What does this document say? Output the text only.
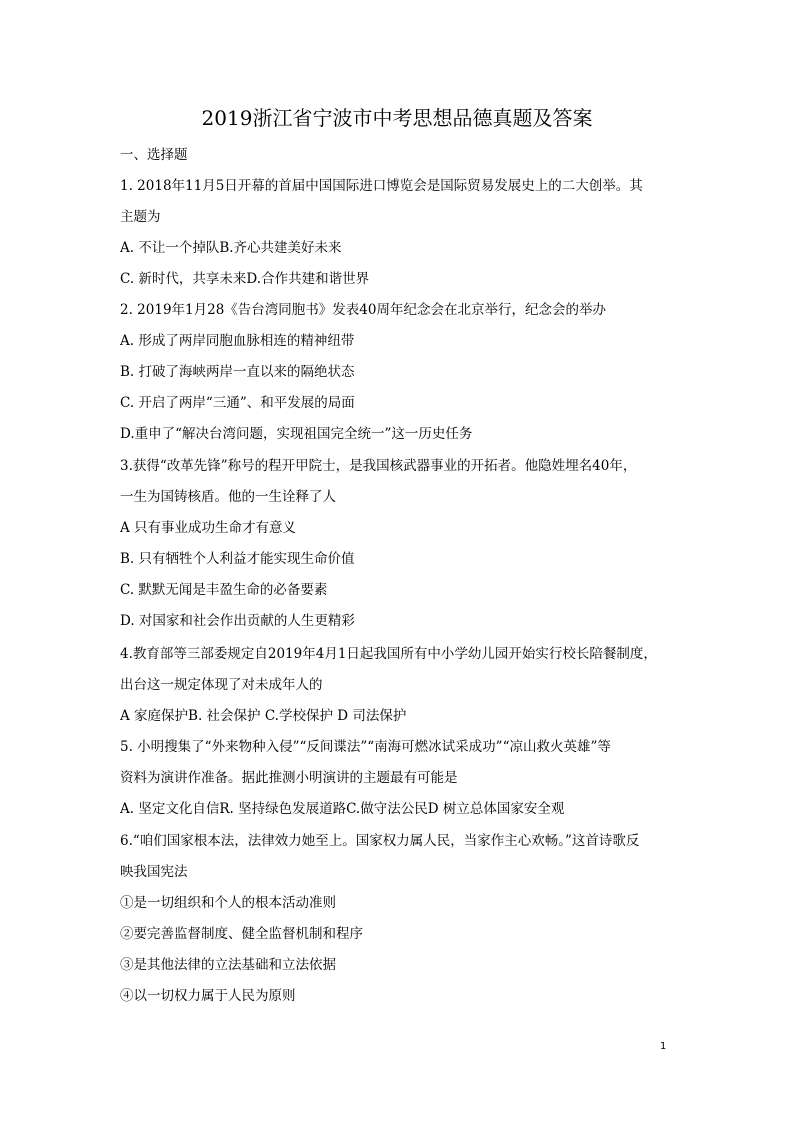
2019浙江省宁波市中考思想品德真题及答案
一、选择题
1. 2018年11月5日开幕的首届中国国际进口博览会是国际贸易发展史上的二大创举。其
主题为
A. 不让一个掉队B.齐心共建美好未来
C. 新时代，共享未来D.合作共建和谐世界
2. 2019年1月28《告台湾同胞书》发表40周年纪念会在北京举行，纪念会的举办
A. 形成了两岸同胞血脉相连的精神纽带
B. 打破了海峡两岸一直以来的隔绝状态
C. 开启了两岸“三通”、和平发展的局面
D.重申了“解决台湾问题，实现祖国完全统一”这一历史任务
3.获得“改革先锋”称号的程开甲院士，是我国核武器事业的开拓者。他隐姓埋名40年，
一生为国铸核盾。他的一生诠释了人
A 只有事业成功生命才有意义
B. 只有牺牲个人利益才能实现生命价值
C. 默默无闻是丰盈生命的必备要素
D. 对国家和社会作出贡献的人生更精彩
4.教育部等三部委规定自2019年4月1日起我国所有中小学幼儿园开始实行校长陪餐制度，
出台这一规定体现了对未成年人的
A 家庭保护B. 社会保护 C.学校保护 D 司法保护
5. 小明搜集了“外来物种入侵”“反间谍法”“南海可燃冰试采成功”“凉山救火英雄”等
资料为演讲作准备。据此推测小明演讲的主题最有可能是
A. 坚定文化自信R. 坚持绿色发展道路C.做守法公民D 树立总体国家安全观
6.“咱们国家根本法，法律效力她至上。国家权力属人民，当家作主心欢畅。”这首诗歌反
映我国宪法
①是一切组织和个人的根本活动准则
②要完善监督制度、健全监督机制和程序
③是其他法律的立法基础和立法依据
④以一切权力属于人民为原则
1
